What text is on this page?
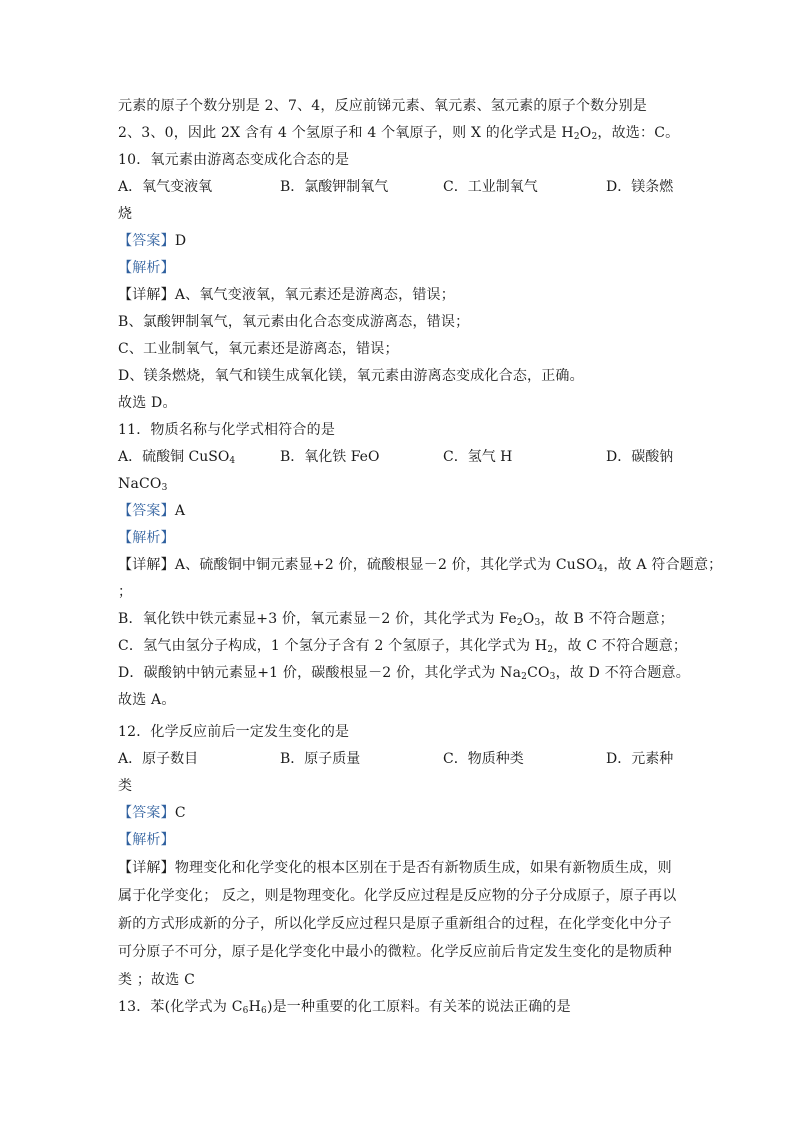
元素的原子个数分别是 2、7、4，反应前锑元素、氧元素、氢元素的原子个数分别是
2、3、0，因此 2X 含有 4 个氢原子和 4 个氧原子，则 X 的化学式是 $H_2O_2$，故选：C。
10．氧元素由游离态变成化合态的是
A．氧气变液氧	B．氯酸钾制氧气	C．工业制氧气	D．镁条燃
烧
【答案】D
【解析】
【详解】A、氧气变液氧，氧元素还是游离态，错误；
B、氯酸钾制氧气，氧元素由化合态变成游离态，错误；
C、工业制氧气，氧元素还是游离态，错误；
D、镁条燃烧，氧气和镁生成氧化镁，氧元素由游离态变成化合态，正确。
故选 D。
11．物质名称与化学式相符合的是
A．硫酸铜 CuSO$_4$	B．氧化铁 FeO	C．氢气 H	D．碳酸钠
NaCO$_3$
【答案】A
【解析】
【详解】A、硫酸铜中铜元素显+2 价，硫酸根显－2 价，其化学式为 CuSO$_4$，故 A 符合题意；
；
B．氧化铁中铁元素显+3 价，氧元素显－2 价，其化学式为 $Fe_2O_3$，故 B 不符合题意；
C．氢气由氢分子构成，1 个氢分子含有 2 个氢原子，其化学式为 $H_2$，故 C 不符合题意；
D．碳酸钠中钠元素显+1 价，碳酸根显－2 价，其化学式为 $Na_2CO_3$，故 D 不符合题意。
故选 A。
12．化学反应前后一定发生变化的是
A．原子数目	B．原子质量	C．物质种类	D．元素种
类
【答案】C
【解析】
【详解】物理变化和化学变化的根本区别在于是否有新物质生成，如果有新物质生成，则
属于化学变化； 反之，则是物理变化。化学反应过程是反应物的分子分成原子，原子再以
新的方式形成新的分子，所以化学反应过程只是原子重新组合的过程，在化学变化中分子
可分原子不可分，原子是化学变化中最小的微粒。化学反应前后肯定发生变化的是物质种
类 ；故选 C
13．苯(化学式为 $C_6H_6$)是一种重要的化工原料。有关苯的说法正确的是
